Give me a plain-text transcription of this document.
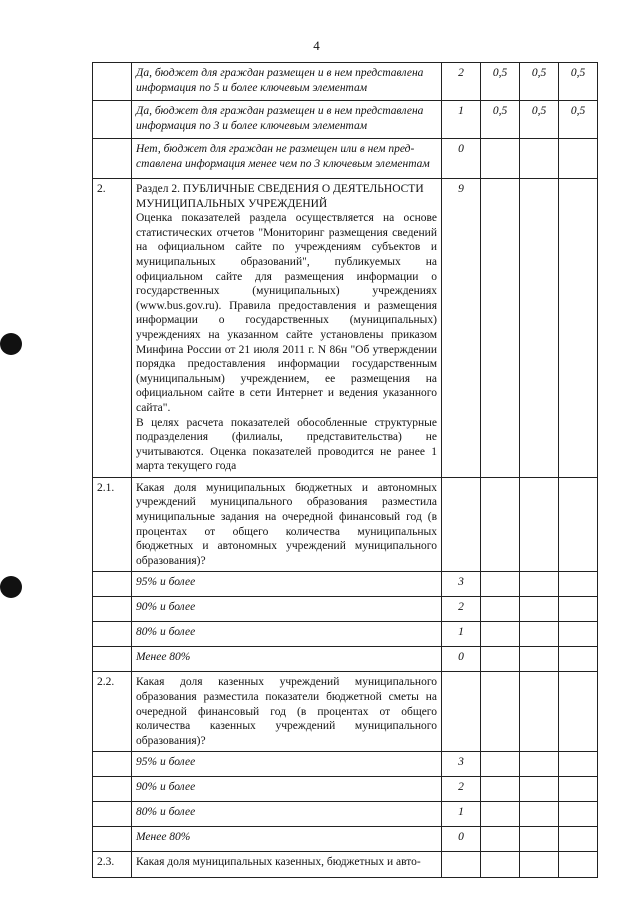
4

	Да, бюджет для граждан размещен и в нем представлена информация по 5 и более ключевым элементам	2	0,5	0,5	0,5

	Да, бюджет для граждан размещен и в нем представлена информация по 3 и более ключевым элементам	1	0,5	0,5	0,5

	Нет, бюджет для граждан не размещен или в нем пред-ставлена информация менее чем по 3 ключевым элементам	0			
2.	Раздел 2. ПУБЛИЧНЫЕ СВЕДЕНИЯ О ДЕЯТЕЛЬНОСТИ МУНИЦИПАЛЬНЫХ УЧРЕЖДЕНИЙ
Оценка показателей раздела осуществляется на основе статистических отчетов "Мониторинг размещения сведений на официальном сайте по учреждениям субъектов и муниципальных образований", публикуемых на официальном сайте для размещения информации о государственных (муниципальных) учреждениях (www.bus.gov.ru). Правила предоставления и размещения информации о государственных (муниципальных) учреждениях на указанном сайте установлены приказом Минфина России от 21 июля 2011 г. N 86н "Об утверждении порядка предоставления информации государственным (муниципальным) учреждением, ее размещения на официальном сайте в сети Интернет и ведения указанного сайта".
В целях расчета показателей обособленные структурные подразделения (филиалы, представительства) не учитываются. Оценка показателей проводится не ранее 1 марта текущего года	9			
2.1.	Какая доля муниципальных бюджетных и автономных учреждений муниципального образования разместила муниципальные задания на очередной финансовый год (в процентах от общего количества муниципальных бюджетных и автономных учреждений муниципального образования)?				

	95% и более	3			

	90% и более	2			

	80% и более	1			

	Менее 80%	0			
2.2.	Какая доля казенных учреждений муниципального образования разместила показатели бюджетной сметы на очередной финансовый год (в процентах от общего количества казенных учреждений муниципального образования)?				

	95% и более	3			

	90% и более	2			

	80% и более	1			

	Менее 80%	0			
2.3.	Какая доля муниципальных казенных, бюджетных и авто-				
